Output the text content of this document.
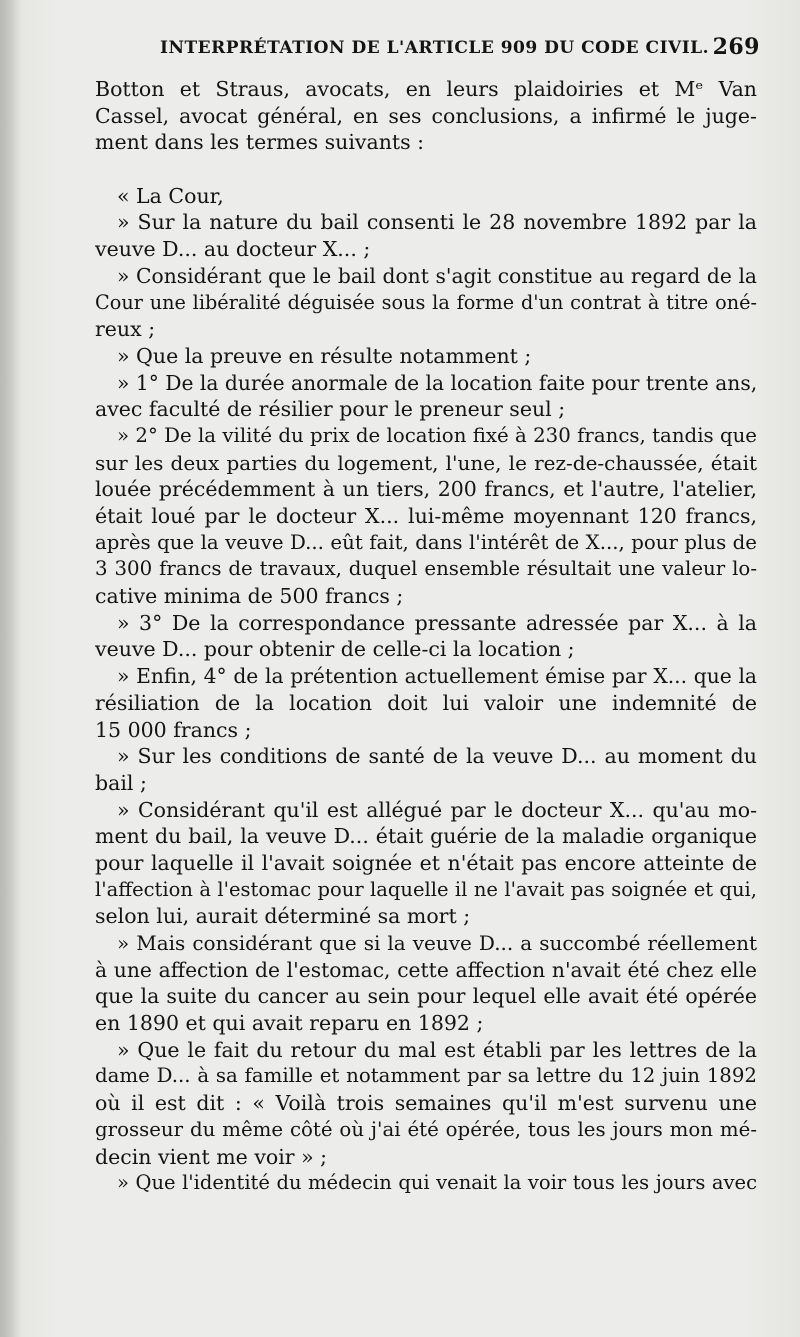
INTERPRÉTATION DE L'ARTICLE 909 DU CODE CIVIL. 269
Botton et Straus, avocats, en leurs plaidoiries et Mᵉ Van
Cassel, avocat général, en ses conclusions, a infirmé le juge-
ment dans les termes suivants :
« La Cour,
» Sur la nature du bail consenti le 28 novembre 1892 par la
veuve D... au docteur X... ;
» Considérant que le bail dont s'agit constitue au regard de la
Cour une libéralité déguisée sous la forme d'un contrat à titre oné-
reux ;
» Que la preuve en résulte notamment ;
» 1° De la durée anormale de la location faite pour trente ans,
avec faculté de résilier pour le preneur seul ;
» 2° De la vilité du prix de location fixé à 230 francs, tandis que
sur les deux parties du logement, l'une, le rez-de-chaussée, était
louée précédemment à un tiers, 200 francs, et l'autre, l'atelier,
était loué par le docteur X... lui-même moyennant 120 francs,
après que la veuve D... eût fait, dans l'intérêt de X..., pour plus de
3 300 francs de travaux, duquel ensemble résultait une valeur lo-
cative minima de 500 francs ;
» 3° De la correspondance pressante adressée par X... à la
veuve D... pour obtenir de celle-ci la location ;
» Enfin, 4° de la prétention actuellement émise par X... que la
résiliation de la location doit lui valoir une indemnité de
15 000 francs ;
» Sur les conditions de santé de la veuve D... au moment du
bail ;
» Considérant qu'il est allégué par le docteur X... qu'au mo-
ment du bail, la veuve D... était guérie de la maladie organique
pour laquelle il l'avait soignée et n'était pas encore atteinte de
l'affection à l'estomac pour laquelle il ne l'avait pas soignée et qui,
selon lui, aurait déterminé sa mort ;
» Mais considérant que si la veuve D... a succombé réellement
à une affection de l'estomac, cette affection n'avait été chez elle
que la suite du cancer au sein pour lequel elle avait été opérée
en 1890 et qui avait reparu en 1892 ;
» Que le fait du retour du mal est établi par les lettres de la
dame D... à sa famille et notamment par sa lettre du 12 juin 1892
où il est dit : « Voilà trois semaines qu'il m'est survenu une
grosseur du même côté où j'ai été opérée, tous les jours mon mé-
decin vient me voir » ;
» Que l'identité du médecin qui venait la voir tous les jours avec
